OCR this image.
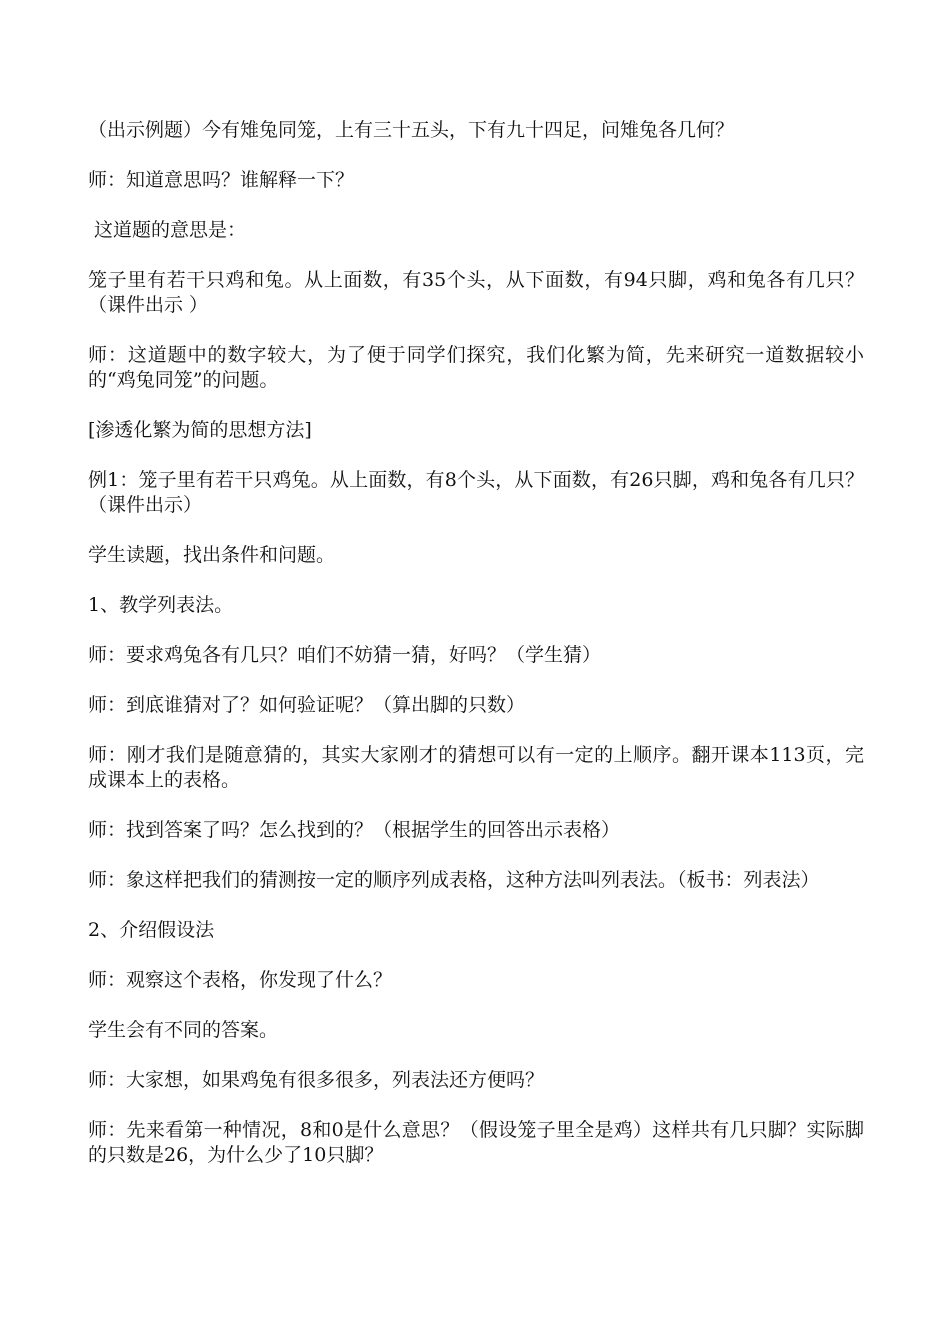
（出示例题）今有雉兔同笼，上有三十五头，下有九十四足，问雉兔各几何？

师：知道意思吗？谁解释一下？

这道题的意思是：

笼子里有若干只鸡和兔。从上面数，有35个头，从下面数，有94只脚，鸡和兔各有几只？（课件出示 ）

师：这道题中的数字较大，为了便于同学们探究，我们化繁为简，先来研究一道数据较小的“鸡兔同笼”的问题。

[渗透化繁为简的思想方法]

例1：笼子里有若干只鸡兔。从上面数，有8个头，从下面数，有26只脚，鸡和兔各有几只？（课件出示）

学生读题，找出条件和问题。

1、教学列表法。

师：要求鸡兔各有几只？咱们不妨猜一猜，好吗？（学生猜）

师：到底谁猜对了？如何验证呢？（算出脚的只数）

师：刚才我们是随意猜的，其实大家刚才的猜想可以有一定的上顺序。翻开课本113页，完成课本上的表格。

师：找到答案了吗？怎么找到的？（根据学生的回答出示表格）

师：象这样把我们的猜测按一定的顺序列成表格，这种方法叫列表法。（板书：列表法）

2、介绍假设法

师：观察这个表格，你发现了什么？

学生会有不同的答案。

师：大家想，如果鸡兔有很多很多，列表法还方便吗？

师：先来看第一种情况，8和0是什么意思？（假设笼子里全是鸡）这样共有几只脚？实际脚的只数是26，为什么少了10只脚？
